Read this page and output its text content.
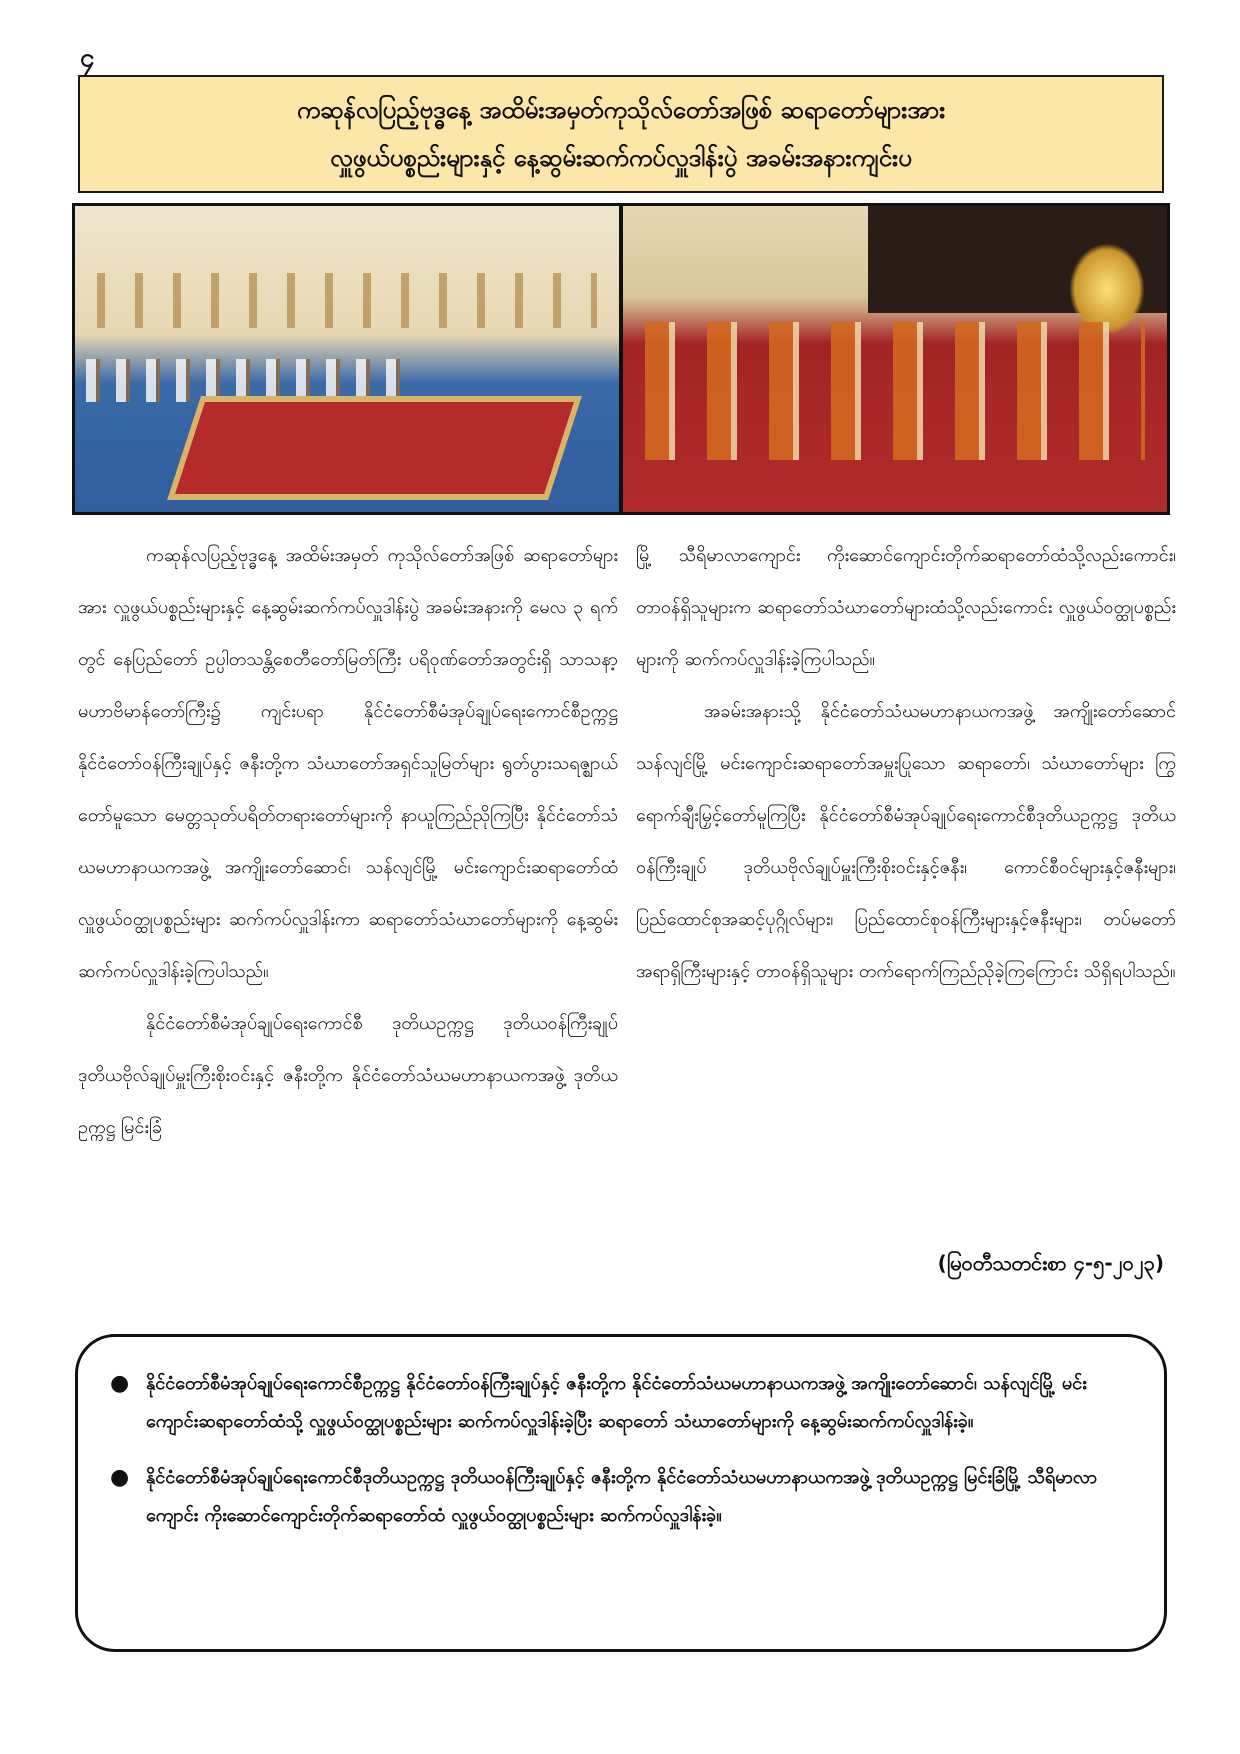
၄
ကဆုန်လပြည့်ဗုဒ္ဓနေ့ အထိမ်းအမှတ်ကုသိုလ်တော်အဖြစ် ဆရာတော်များအား
လှူဖွယ်ပစ္စည်းများနှင့် နေ့ဆွမ်းဆက်ကပ်လှူဒါန်းပွဲ အခမ်းအနားကျင်းပ

ကဆုန်လပြည့်ဗုဒ္ဓနေ့ အထိမ်းအမှတ် ကုသိုလ်တော်အဖြစ် ဆရာတော်များအား လှူဖွယ်ပစ္စည်းများနှင့် နေ့ဆွမ်းဆက်ကပ်လှူဒါန်းပွဲ အခမ်းအနားကို မေလ ၃ ရက်တွင် နေပြည်တော် ဥပ္ပါတသန္တိစေတီတော်မြတ်ကြီး ပရိဝုဏ်တော်အတွင်းရှိ သာသနာ့မဟာဗိမာန်တော်ကြီး၌ ကျင်းပရာ နိုင်ငံတော်စီမံအုပ်ချုပ်ရေးကောင်စီဥက္ကဋ္ဌ နိုင်ငံတော်ဝန်ကြီးချုပ်နှင့် ဇနီးတို့က သံဃာတော်အရှင်သူမြတ်များ ရွတ်ပွားသရဇ္ဈာယ်တော်မူသော မေတ္တသုတ်ပရိတ်တရားတော်များကို နာယူကြည်ညိုကြပြီး နိုင်ငံတော်သံဃမဟာနာယကအဖွဲ့ အကျိုးတော်ဆောင်၊ သန်လျင်မြို့ မင်းကျောင်းဆရာတော်ထံ လှူဖွယ်ဝတ္ထုပစ္စည်းများ ဆက်ကပ်လှူဒါန်းကာ ဆရာတော်သံဃာတော်များကို နေ့ဆွမ်းဆက်ကပ်လှူဒါန်းခဲ့ကြပါသည်။

နိုင်ငံတော်စီမံအုပ်ချုပ်ရေးကောင်စီ ဒုတိယဥက္ကဋ္ဌ ဒုတိယဝန်ကြီးချုပ် ဒုတိယဗိုလ်ချုပ်မှူးကြီးစိုးဝင်းနှင့် ဇနီးတို့က နိုင်ငံတော်သံဃမဟာနာယကအဖွဲ့ ဒုတိယဥက္ကဋ္ဌ မြင်းခြံ

မြို့ သီရိမာလာကျောင်း ကိုးဆောင်ကျောင်းတိုက်ဆရာတော်ထံသို့လည်းကောင်း၊ တာဝန်ရှိသူများက ဆရာတော်သံဃာတော်များထံသို့လည်းကောင်း လှူဖွယ်ဝတ္ထုပစ္စည်းများကို ဆက်ကပ်လှူဒါန်းခဲ့ကြပါသည်။

အခမ်းအနားသို့ နိုင်ငံတော်သံဃမဟာနာယကအဖွဲ့ အကျိုးတော်ဆောင် သန်လျင်မြို့ မင်းကျောင်းဆရာတော်အမှူးပြုသော ဆရာတော်၊ သံဃာတော်များ ကြွရောက်ချီးမြှင့်တော်မူကြပြီး နိုင်ငံတော်စီမံအုပ်ချုပ်ရေးကောင်စီဒုတိယဥက္ကဋ္ဌ ဒုတိယဝန်ကြီးချုပ် ဒုတိယဗိုလ်ချုပ်မှူးကြီးစိုးဝင်းနှင့်ဇနီး၊ ကောင်စီဝင်များနှင့်ဇနီးများ၊ ပြည်ထောင်စုအဆင့်ပုဂ္ဂိုလ်များ၊ ပြည်ထောင်စုဝန်ကြီးများနှင့်ဇနီးများ၊ တပ်မတော်အရာရှိကြီးများနှင့် တာဝန်ရှိသူများ တက်ရောက်ကြည်ညိုခဲ့ကြကြောင်း သိရှိရပါသည်။

(မြဝတီသတင်းစာ ၄-၅-၂၀၂၃)
● နိုင်ငံတော်စီမံအုပ်ချုပ်ရေးကောင်စီဥက္ကဋ္ဌ နိုင်ငံတော်ဝန်ကြီးချုပ်နှင့် ဇနီးတို့က နိုင်ငံတော်သံဃမဟာနာယကအဖွဲ့ အကျိုးတော်ဆောင်၊ သန်လျင်မြို့ မင်းကျောင်းဆရာတော်ထံသို့ လှူဖွယ်ဝတ္ထုပစ္စည်းများ ဆက်ကပ်လှူဒါန်းခဲ့ပြီး ဆရာတော် သံဃာတော်များကို နေ့ဆွမ်းဆက်ကပ်လှူဒါန်းခဲ့။
● နိုင်ငံတော်စီမံအုပ်ချုပ်ရေးကောင်စီဒုတိယဥက္ကဋ္ဌ ဒုတိယဝန်ကြီးချုပ်နှင့် ဇနီးတို့က နိုင်ငံတော်သံဃမဟာနာယကအဖွဲ့ ဒုတိယဥက္ကဋ္ဌ မြင်းခြံမြို့ သီရိမာလာကျောင်း ကိုးဆောင်ကျောင်းတိုက်ဆရာတော်ထံ လှူဖွယ်ဝတ္ထုပစ္စည်းများ ဆက်ကပ်လှူဒါန်းခဲ့။
